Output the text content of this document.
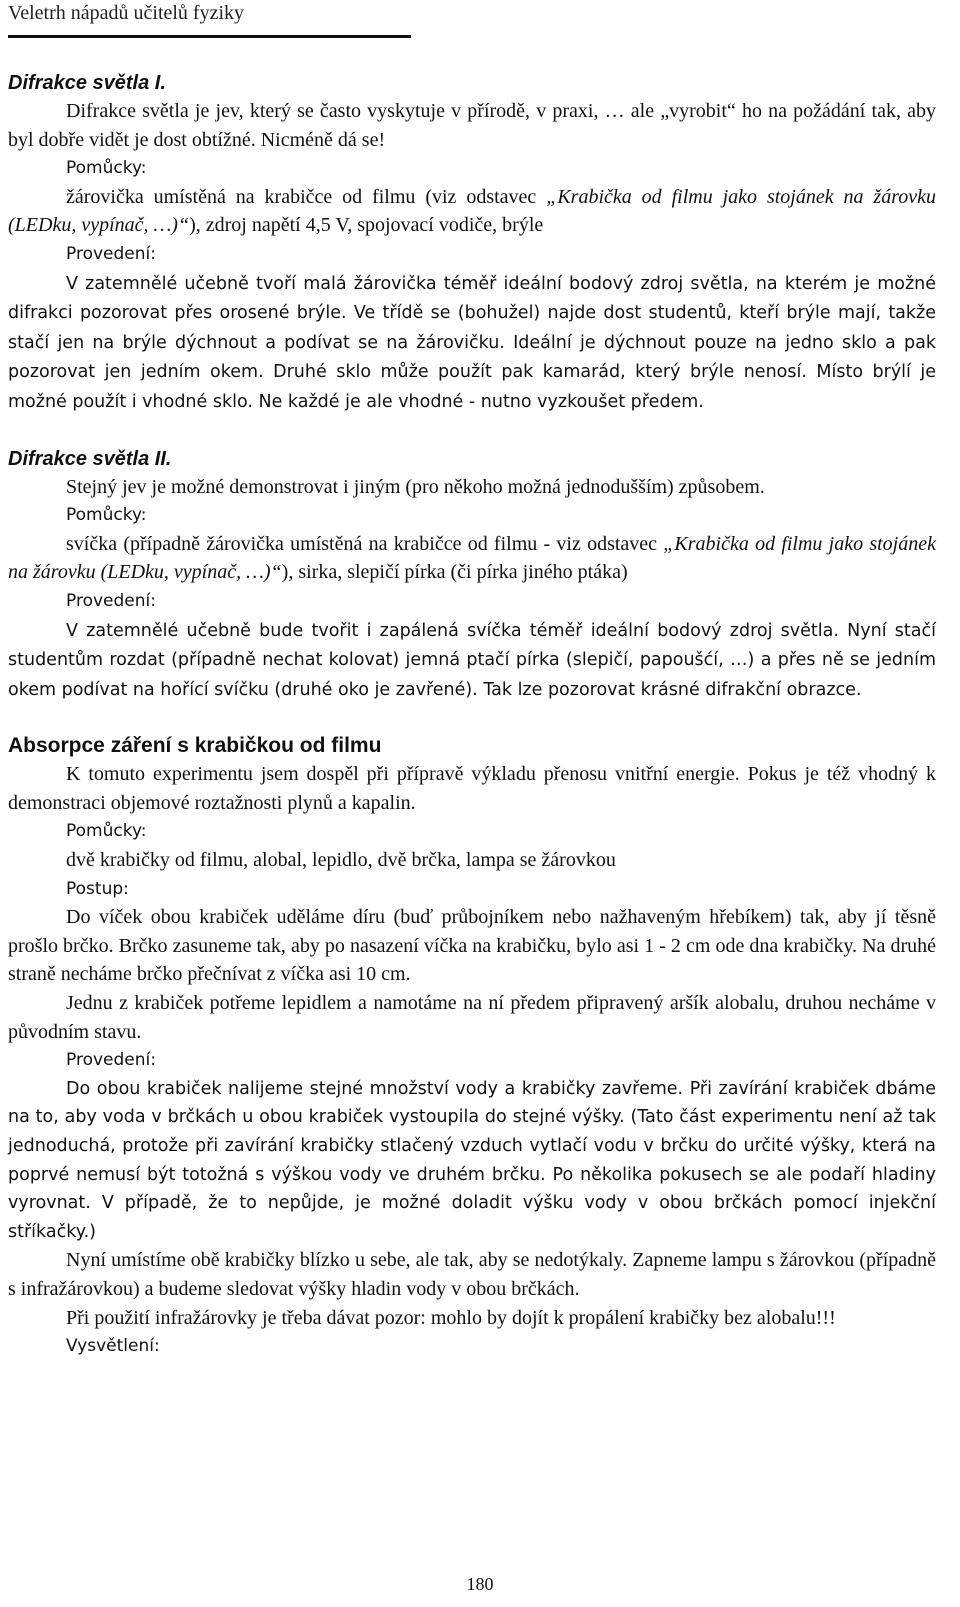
Veletrh nápadů učitelů fyziky
Difrakce světla I.

Difrakce světla je jev, který se často vyskytuje v přírodě, v praxi, … ale „vyrobit“ ho na požádání tak, aby byl dobře vidět je dost obtížné. Nicméně dá se!

Pomůcky:

žárovička umístěná na krabičce od filmu (viz odstavec „Krabička od filmu jako stojánek na žárovku (LEDku, vypínač, …)“), zdroj napětí 4,5 V, spojovací vodiče, brýle

Provedení:

V zatemnělé učebně tvoří malá žárovička téměř ideální bodový zdroj světla, na kterém je možné difrakci pozorovat přes orosené brýle. Ve třídě se (bohužel) najde dost studentů, kteří brýle mají, takže stačí jen na brýle dýchnout a podívat se na žárovičku. Ideální je dýchnout pouze na jedno sklo a pak pozorovat jen jedním okem. Druhé sklo může použít pak kamarád, který brýle nenosí. Místo brýlí je možné použít i vhodné sklo. Ne každé je ale vhodné - nutno vyzkoušet předem.

Difrakce světla II.

Stejný jev je možné demonstrovat i jiným (pro někoho možná jednodušším) způsobem.

Pomůcky:

svíčka (případně žárovička umístěná na krabičce od filmu - viz odstavec „Krabička od filmu jako stojánek na žárovku (LEDku, vypínač, …)“), sirka, slepičí pírka (či pírka jiného ptáka)

Provedení:

V zatemnělé učebně bude tvořit i zapálená svíčka téměř ideální bodový zdroj světla. Nyní stačí studentům rozdat (případně nechat kolovat) jemná ptačí pírka (slepičí, papoušćí, …) a přes ně se jedním okem podívat na hořící svíčku (druhé oko je zavřené). Tak lze pozorovat krásné difrakční obrazce.

Absorpce záření s krabičkou od filmu

K tomuto experimentu jsem dospěl při přípravě výkladu přenosu vnitřní energie. Pokus je též vhodný k demonstraci objemové roztažnosti plynů a kapalin.

Pomůcky:

dvě krabičky od filmu, alobal, lepidlo, dvě brčka, lampa se žárovkou

Postup:

Do víček obou krabiček uděláme díru (buď průbojníkem nebo nažhaveným hřebíkem) tak, aby jí těsně prošlo brčko. Brčko zasuneme tak, aby po nasazení víčka na krabičku, bylo asi 1 - 2 cm ode dna krabičky. Na druhé straně necháme brčko přečnívat z víčka asi 10 cm.

Jednu z krabiček potřeme lepidlem a namotáme na ní předem připravený aršík alobalu, druhou necháme v původním stavu.

Provedení:

Do obou krabiček nalijeme stejné množství vody a krabičky zavřeme. Při zavírání krabiček dbáme na to, aby voda v brčkách u obou krabiček vystoupila do stejné výšky. (Tato část experimentu není až tak jednoduchá, protože při zavírání krabičky stlačený vzduch vytlačí vodu v brčku do určité výšky, která na poprvé nemusí být totožná s výškou vody ve druhém brčku. Po několika pokusech se ale podaří hladiny vyrovnat. V případě, že to nepůjde, je možné doladit výšku vody v obou brčkách pomocí injekční stříkačky.)

Nyní umístíme obě krabičky blízko u sebe, ale tak, aby se nedotýkaly. Zapneme lampu s žárovkou (případně s infražárovkou) a budeme sledovat výšky hladin vody v obou brčkách.

Při použití infražárovky je třeba dávat pozor: mohlo by dojít k propálení krabičky bez alobalu!!!

Vysvětlení:

180
